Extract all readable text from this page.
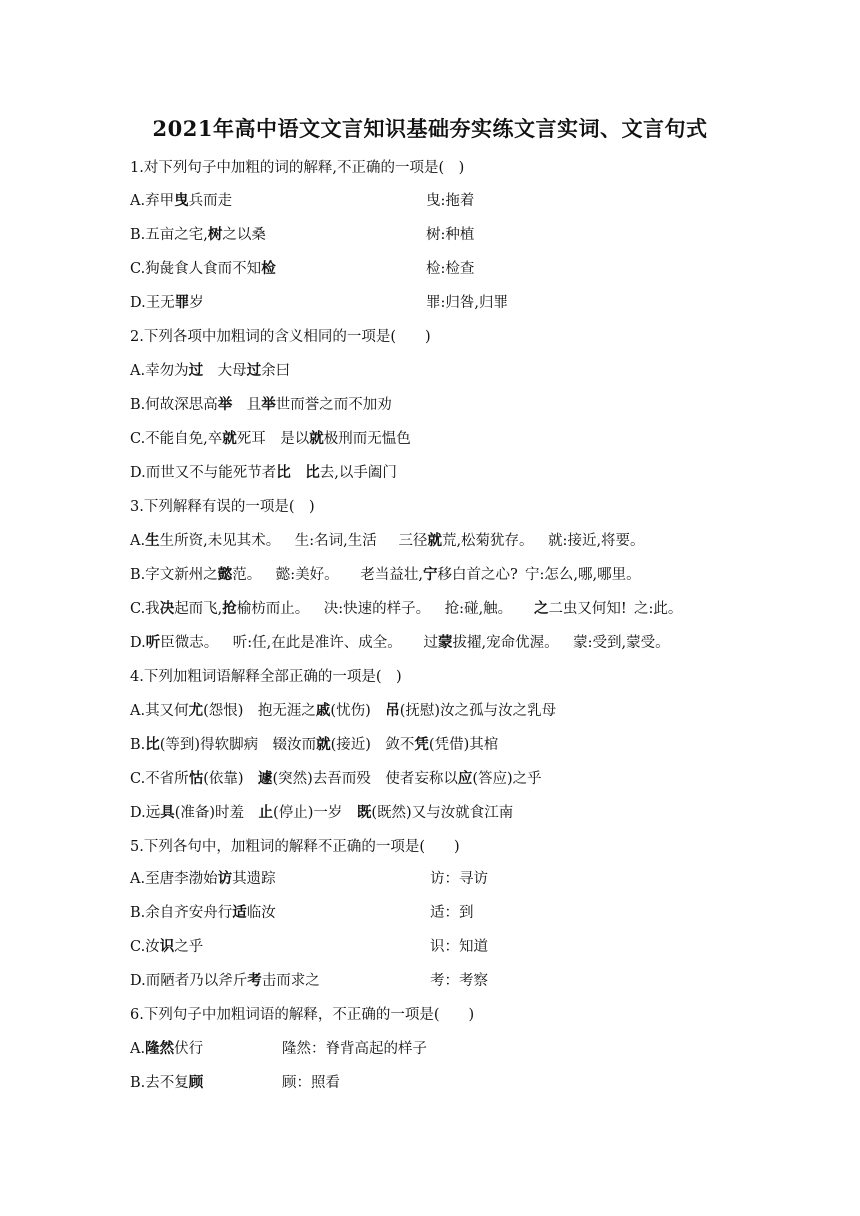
2021年高中语文文言知识基础夯实练文言实词、文言句式
1.对下列句子中加粗的词的解释,不正确的一项是(　)
A.弃甲曳兵而走	曳:拖着
B.五亩之宅,树之以桑	树:种植
C.狗彘食人食而不知检	检:检查
D.王无罪岁	罪:归咎,归罪
2.下列各项中加粗词的含义相同的一项是(　　)
A.幸勿为过  大母过余曰
B.何故深思高举  且举世而誉之而不加劝
C.不能自免,卒就死耳  是以就极刑而无愠色
D.而世又不与能死节者比  比去,以手阖门
3.下列解释有误的一项是(　)
A.生生所资,未见其术。  生:名词,生活   三径就荒,松菊犹存。  就:接近,将要。
B.字文新州之懿范。  懿:美好。   老当益壮,宁移白首之心?  宁:怎么,哪,哪里。
C.我决起而飞,抢榆枋而止。  决:快速的样子。  抢:碰,触。   之二虫又何知!  之:此。
D.听臣微志。  听:任,在此是准许、成全。   过蒙拔擢,宠命优渥。  蒙:受到,蒙受。
4.下列加粗词语解释全部正确的一项是(　)
A.其又何尤(怨恨)  抱无涯之戚(忧伤)  吊(抚慰)汝之孤与汝之乳母
B.比(等到)得软脚病  辍汝而就(接近)  敛不凭(凭借)其棺
C.不省所怙(依靠)  遽(突然)去吾而殁  使者妄称以应(答应)之乎
D.远具(准备)时羞  止(停止)一岁  既(既然)又与汝就食江南
5.下列各句中，加粗词的解释不正确的一项是(　　)
A.至唐李渤始访其遗踪	访：寻访
B.余自齐安舟行适临汝	适：到
C.汝识之乎	识：知道
D.而陋者乃以斧斤考击而求之	考：考察
6.下列句子中加粗词语的解释，不正确的一项是(　　)
A.隆然伏行	隆然：脊背高起的样子
B.去不复顾	顾：照看
